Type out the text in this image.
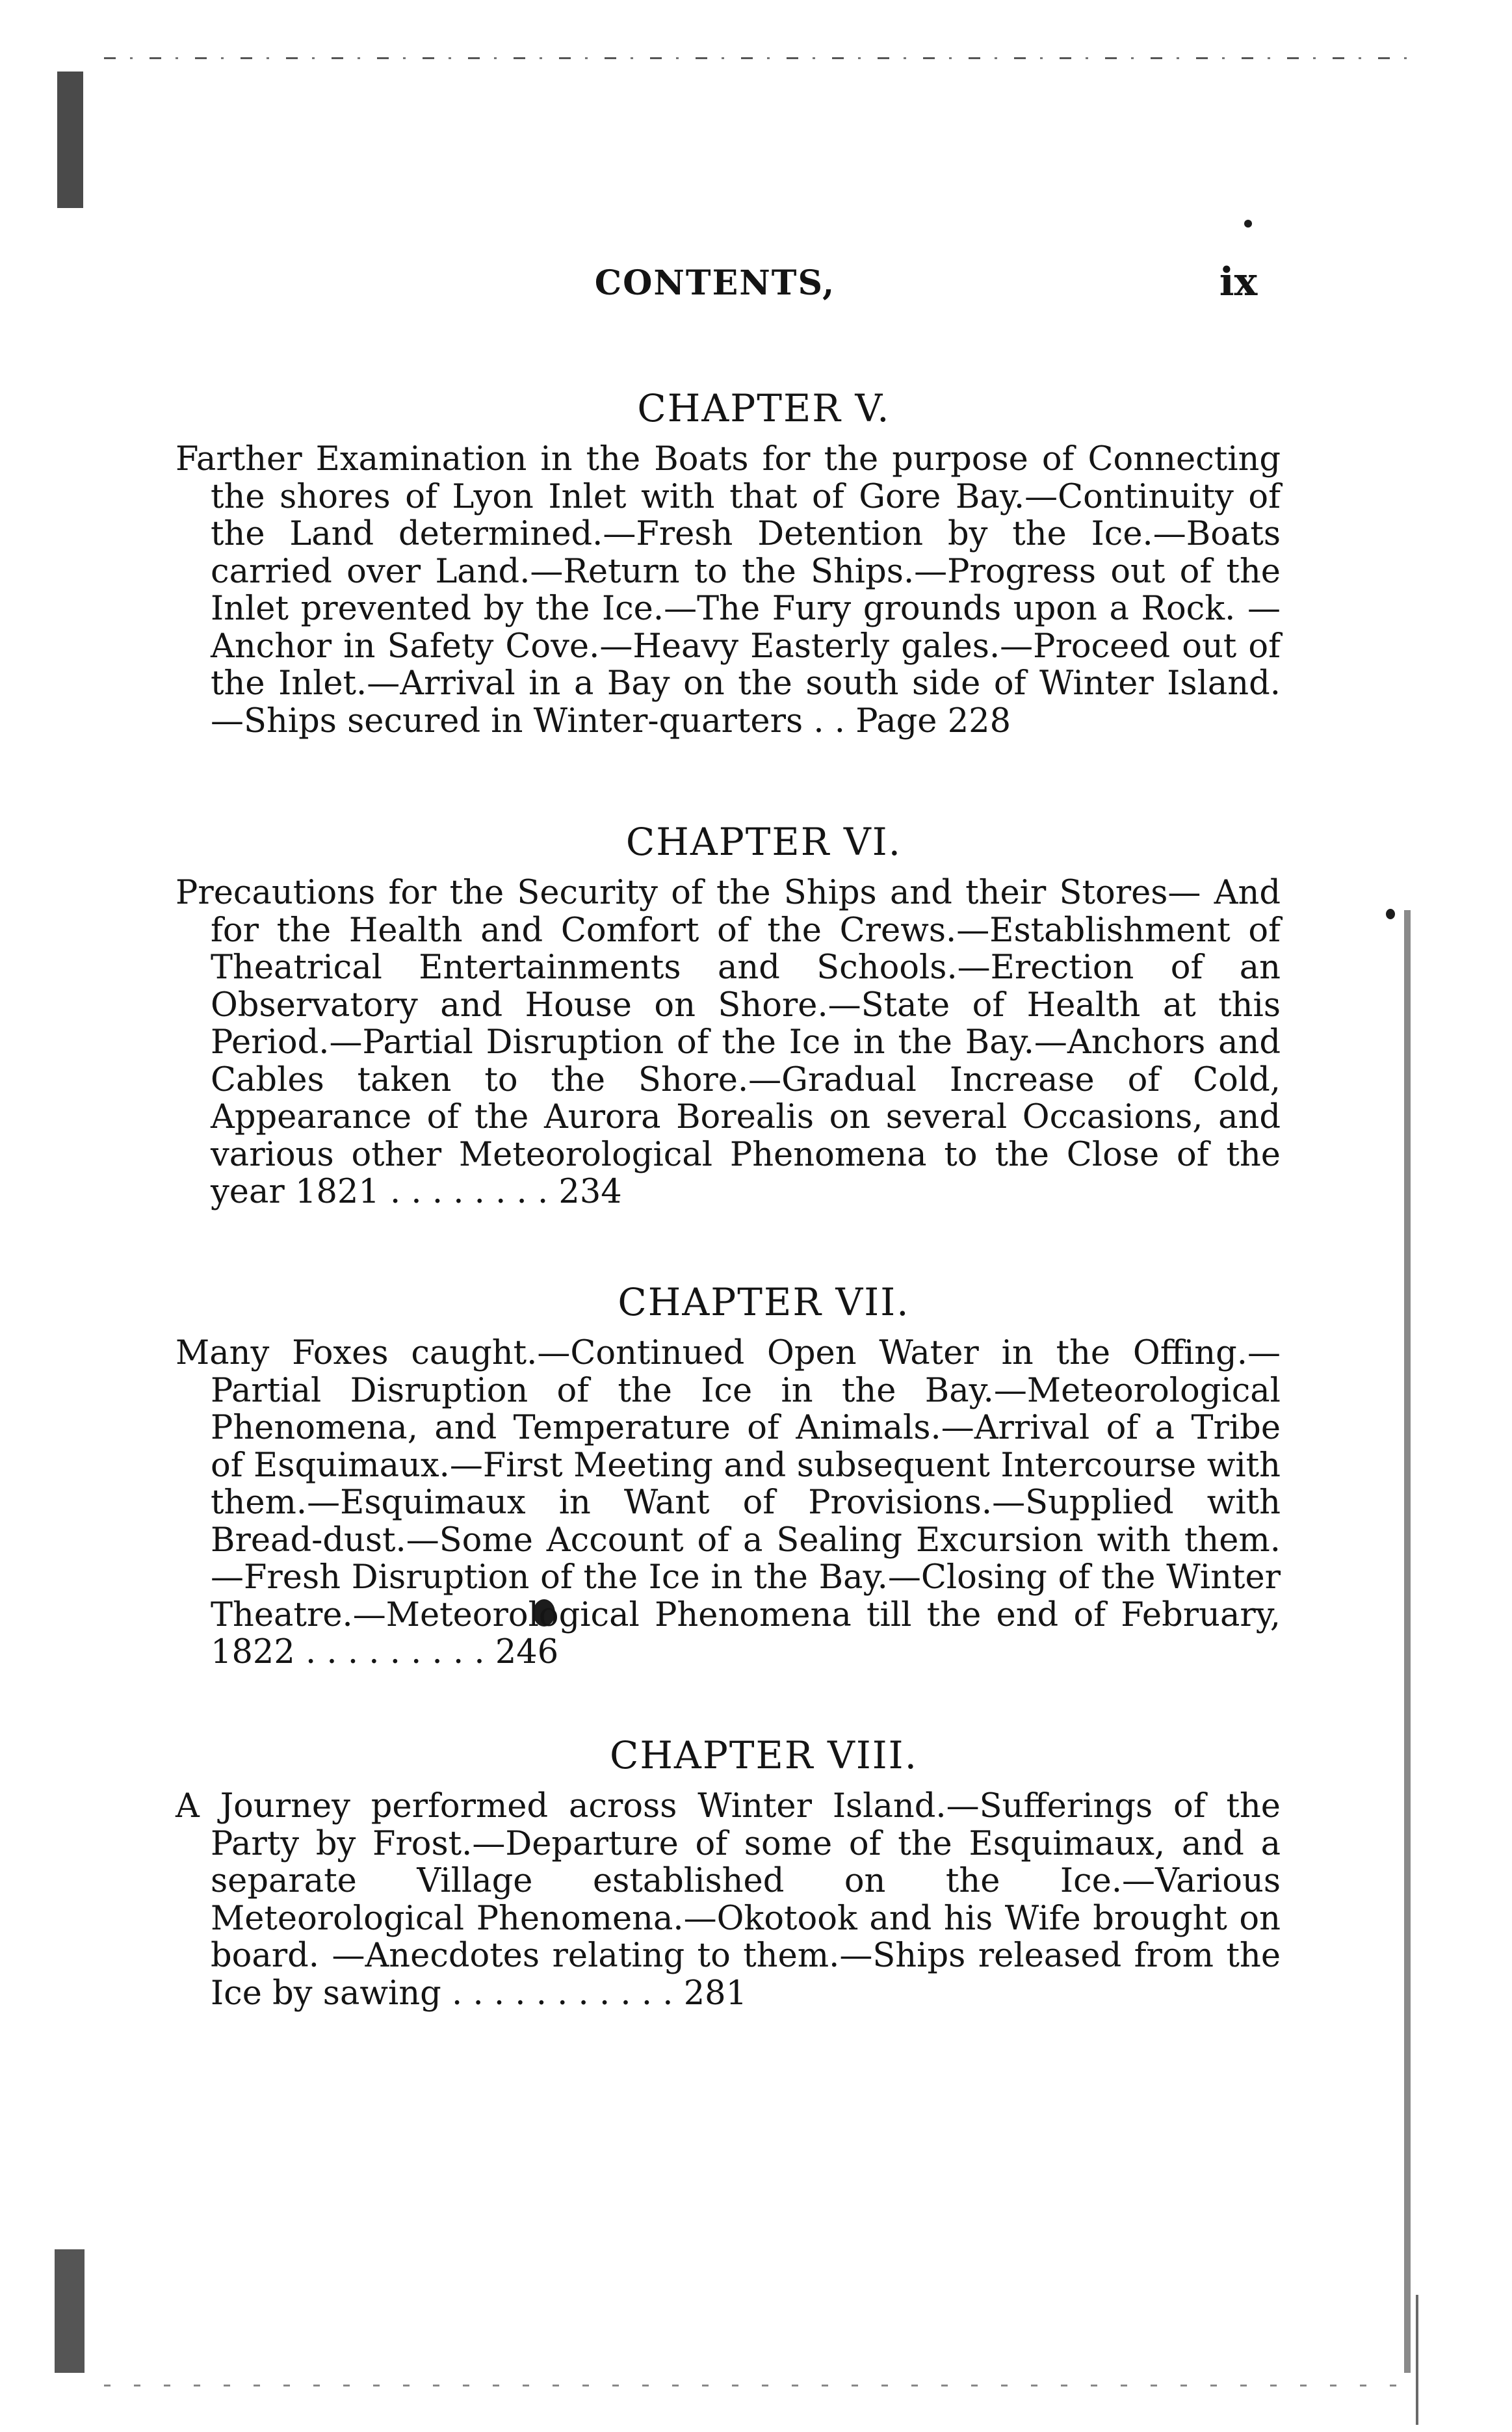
CONTENTS,	ix
CHAPTER V.

Farther Examination in the Boats for the purpose of Connecting the shores of Lyon Inlet with that of Gore Bay.—Continuity of the Land determined.—Fresh Detention by the Ice.—Boats carried over Land.—Return to the Ships.—Progress out of the Inlet prevented by the Ice.—The Fury grounds upon a Rock. —Anchor in Safety Cove.—Heavy Easterly gales.—Proceed out of the Inlet.—Arrival in a Bay on the south side of Winter Island.—Ships secured in Winter-quarters . . Page 228

CHAPTER VI.

Precautions for the Security of the Ships and their Stores— And for the Health and Comfort of the Crews.—Establishment of Theatrical Entertainments and Schools.—Erection of an Observatory and House on Shore.—State of Health at this Period.—Partial Disruption of the Ice in the Bay.—Anchors and Cables taken to the Shore.—Gradual Increase of Cold, Appearance of the Aurora Borealis on several Occasions, and various other Meteorological Phenomena to the Close of the year 1821 . . . . . . . . 234

CHAPTER VII.

Many Foxes caught.—Continued Open Water in the Offing.— Partial Disruption of the Ice in the Bay.—Meteorological Phenomena, and Temperature of Animals.—Arrival of a Tribe of Esquimaux.—First Meeting and subsequent Intercourse with them.—Esquimaux in Want of Provisions.—Supplied with Bread-dust.—Some Account of a Sealing Excursion with them.—Fresh Disruption of the Ice in the Bay.—Closing of the Winter Theatre.—Meteorological Phenomena till the end of February, 1822 . . . . . . . . . 246

CHAPTER VIII.

A Journey performed across Winter Island.—Sufferings of the Party by Frost.—Departure of some of the Esquimaux, and a separate Village established on the Ice.—Various Meteorological Phenomena.—Okotook and his Wife brought on board. —Anecdotes relating to them.—Ships released from the Ice by sawing . . . . . . . . . . . 281
